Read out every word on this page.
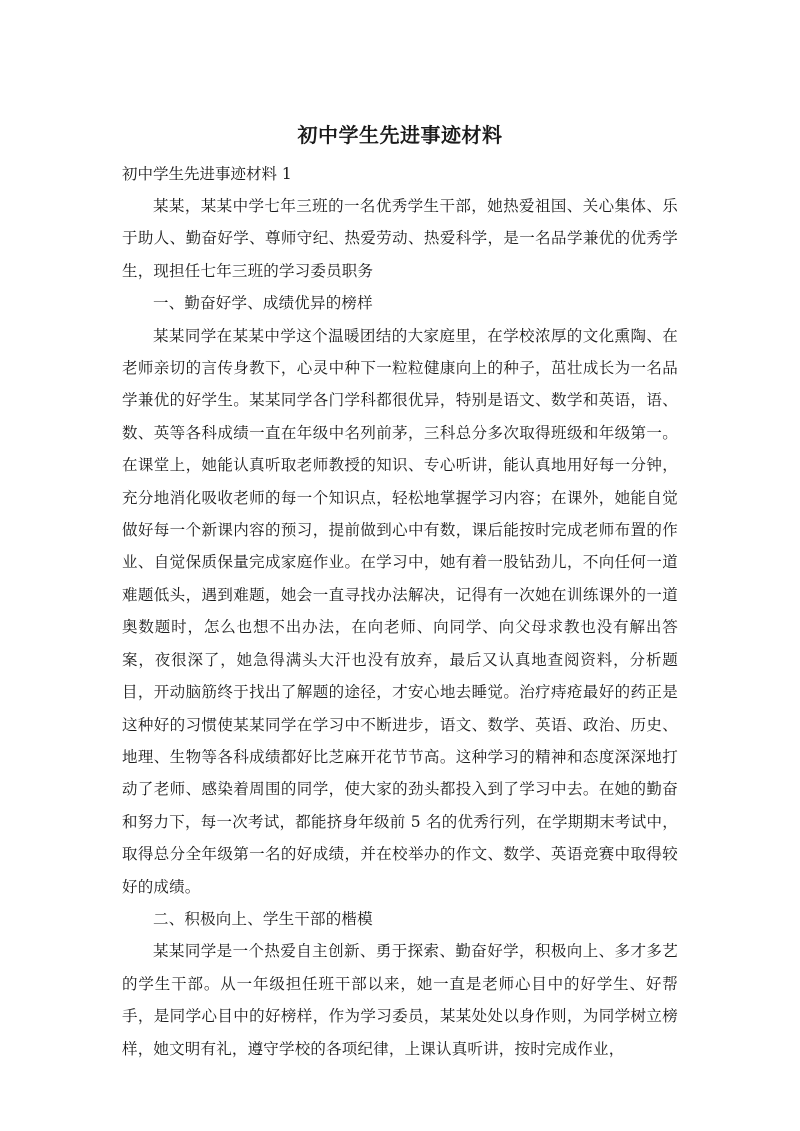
初中学生先进事迹材料

初中学生先进事迹材料 1

某某，某某中学七年三班的一名优秀学生干部，她热爱祖国、关心集体、乐于助人、勤奋好学、尊师守纪、热爱劳动、热爱科学，是一名品学兼优的优秀学生，现担任七年三班的学习委员职务

一、勤奋好学、成绩优异的榜样

某某同学在某某中学这个温暖团结的大家庭里，在学校浓厚的文化熏陶、在老师亲切的言传身教下，心灵中种下一粒粒健康向上的种子，茁壮成长为一名品学兼优的好学生。某某同学各门学科都很优异，特别是语文、数学和英语，语、数、英等各科成绩一直在年级中名列前茅，三科总分多次取得班级和年级第一。在课堂上，她能认真听取老师教授的知识、专心听讲，能认真地用好每一分钟，充分地消化吸收老师的每一个知识点，轻松地掌握学习内容；在课外，她能自觉做好每一个新课内容的预习，提前做到心中有数，课后能按时完成老师布置的作业、自觉保质保量完成家庭作业。在学习中，她有着一股钻劲儿，不向任何一道难题低头，遇到难题，她会一直寻找办法解决，记得有一次她在训练课外的一道奥数题时，怎么也想不出办法，在向老师、向同学、向父母求教也没有解出答案，夜很深了，她急得满头大汗也没有放弃，最后又认真地查阅资料，分析题目，开动脑筋终于找出了解题的途径，才安心地去睡觉。治疗痔疮最好的药正是这种好的习惯使某某同学在学习中不断进步，语文、数学、英语、政治、历史、地理、生物等各科成绩都好比芝麻开花节节高。这种学习的精神和态度深深地打动了老师、感染着周围的同学，使大家的劲头都投入到了学习中去。在她的勤奋和努力下，每一次考试，都能挤身年级前 5 名的优秀行列，在学期期末考试中，取得总分全年级第一名的好成绩，并在校举办的作文、数学、英语竞赛中取得较好的成绩。

二、积极向上、学生干部的楷模

某某同学是一个热爱自主创新、勇于探索、勤奋好学，积极向上、多才多艺的学生干部。从一年级担任班干部以来，她一直是老师心目中的好学生、好帮手，是同学心目中的好榜样，作为学习委员，某某处处以身作则，为同学树立榜样，她文明有礼，遵守学校的各项纪律，上课认真听讲，按时完成作业，
